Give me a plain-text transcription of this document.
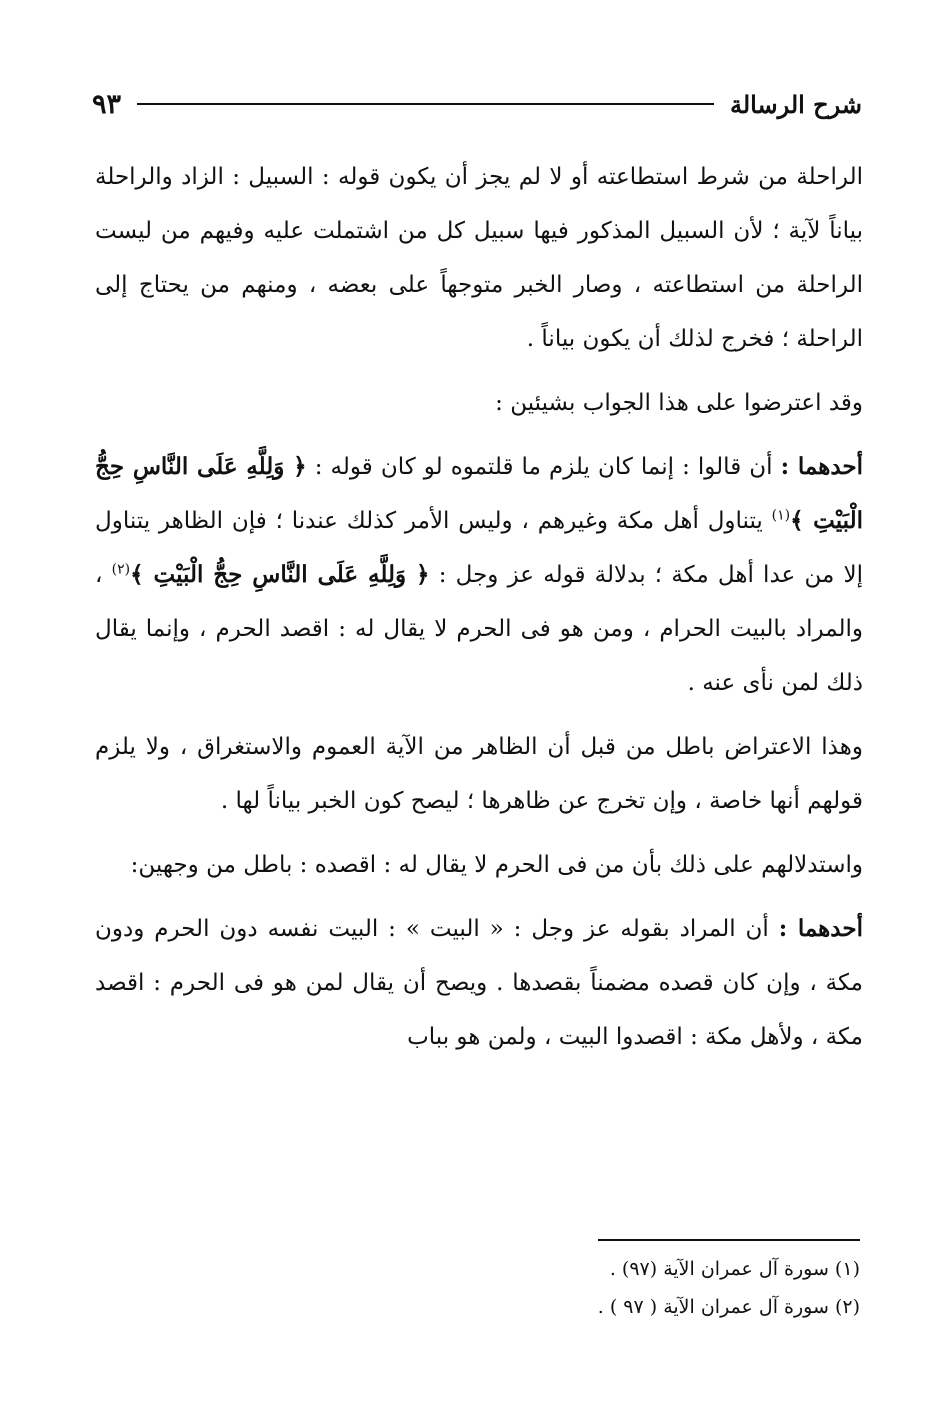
شرح الرسالة
٩٣

الراحلة من شرط استطاعته أو لا لم يجز أن يكون قوله : السبيل : الزاد والراحلة بياناً لآية ؛ لأن السبيل المذكور فيها سبيل كل من اشتملت عليه وفيهم من ليست الراحلة من استطاعته ، وصار الخبر متوجهاً على بعضه ، ومنهم من يحتاج إلى الراحلة ؛ فخرج لذلك أن يكون بياناً .

وقد اعترضوا على هذا الجواب بشيئين :

أحدهما : أن قالوا : إنما كان يلزم ما قلتموه لو كان قوله : ﴿ وَلِلَّهِ عَلَى النَّاسِ حِجُّ الْبَيْتِ ﴾$^{(١)}$ يتناول أهل مكة وغيرهم ، وليس الأمر كذلك عندنا ؛ فإن الظاهر يتناول إلا من عدا أهل مكة ؛ بدلالة قوله عز وجل : ﴿ وَلِلَّهِ عَلَى النَّاسِ حِجُّ الْبَيْتِ ﴾$^{(٢)}$ ، والمراد بالبيت الحرام ، ومن هو فى الحرم لا يقال له : اقصد الحرم ، وإنما يقال ذلك لمن نأى عنه .

وهذا الاعتراض باطل من قبل أن الظاهر من الآية العموم والاستغراق ، ولا يلزم قولهم أنها خاصة ، وإن تخرج عن ظاهرها ؛ ليصح كون الخبر بياناً لها .

واستدلالهم على ذلك بأن من فى الحرم لا يقال له : اقصده : باطل من وجهين:

أحدهما : أن المراد بقوله عز وجل : « البيت » : البيت نفسه دون الحرم ودون مكة ، وإن كان قصده مضمناً بقصدها . ويصح أن يقال لمن هو فى الحرم : اقصد مكة ، ولأهل مكة : اقصدوا البيت ، ولمن هو بباب

(١) سورة آل عمران الآية (٩٧) .

(٢) سورة آل عمران الآية ( ٩٧ ) .
